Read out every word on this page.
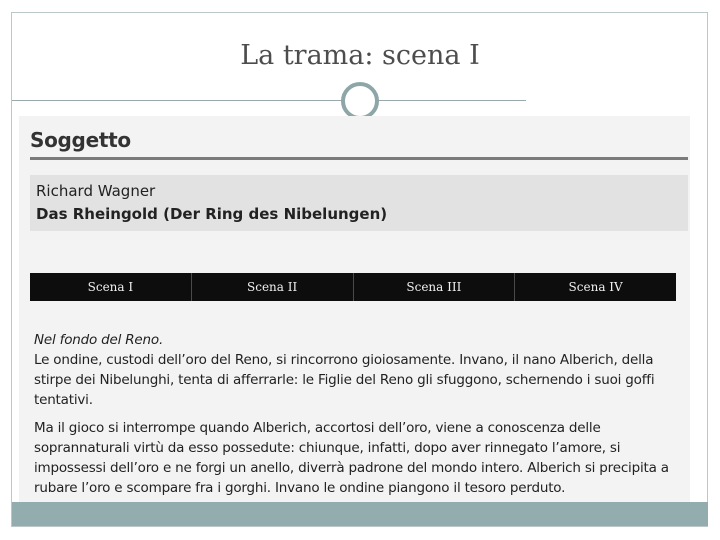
La trama: scena I
Soggetto
Richard Wagner
Das Rheingold (Der Ring des Nibelungen)
Scena I	Scena II	Scena III	Scena IV
Nel fondo del Reno.

Le ondine, custodi dell’oro del Reno, si rincorrono gioiosamente. Invano, il nano Alberich, della stirpe dei Nibelunghi, tenta di afferrarle: le Figlie del Reno gli sfuggono, schernendo i suoi goffi tentativi.

Ma il gioco si interrompe quando Alberich, accortosi dell’oro, viene a conoscenza delle soprannaturali virtù da esso possedute: chiunque, infatti, dopo aver rinnegato l’amore, si impossessi dell’oro e ne forgi un anello, diverrà padrone del mondo intero. Alberich si precipita a rubare l’oro e scompare fra i gorghi. Invano le ondine piangono il tesoro perduto.
